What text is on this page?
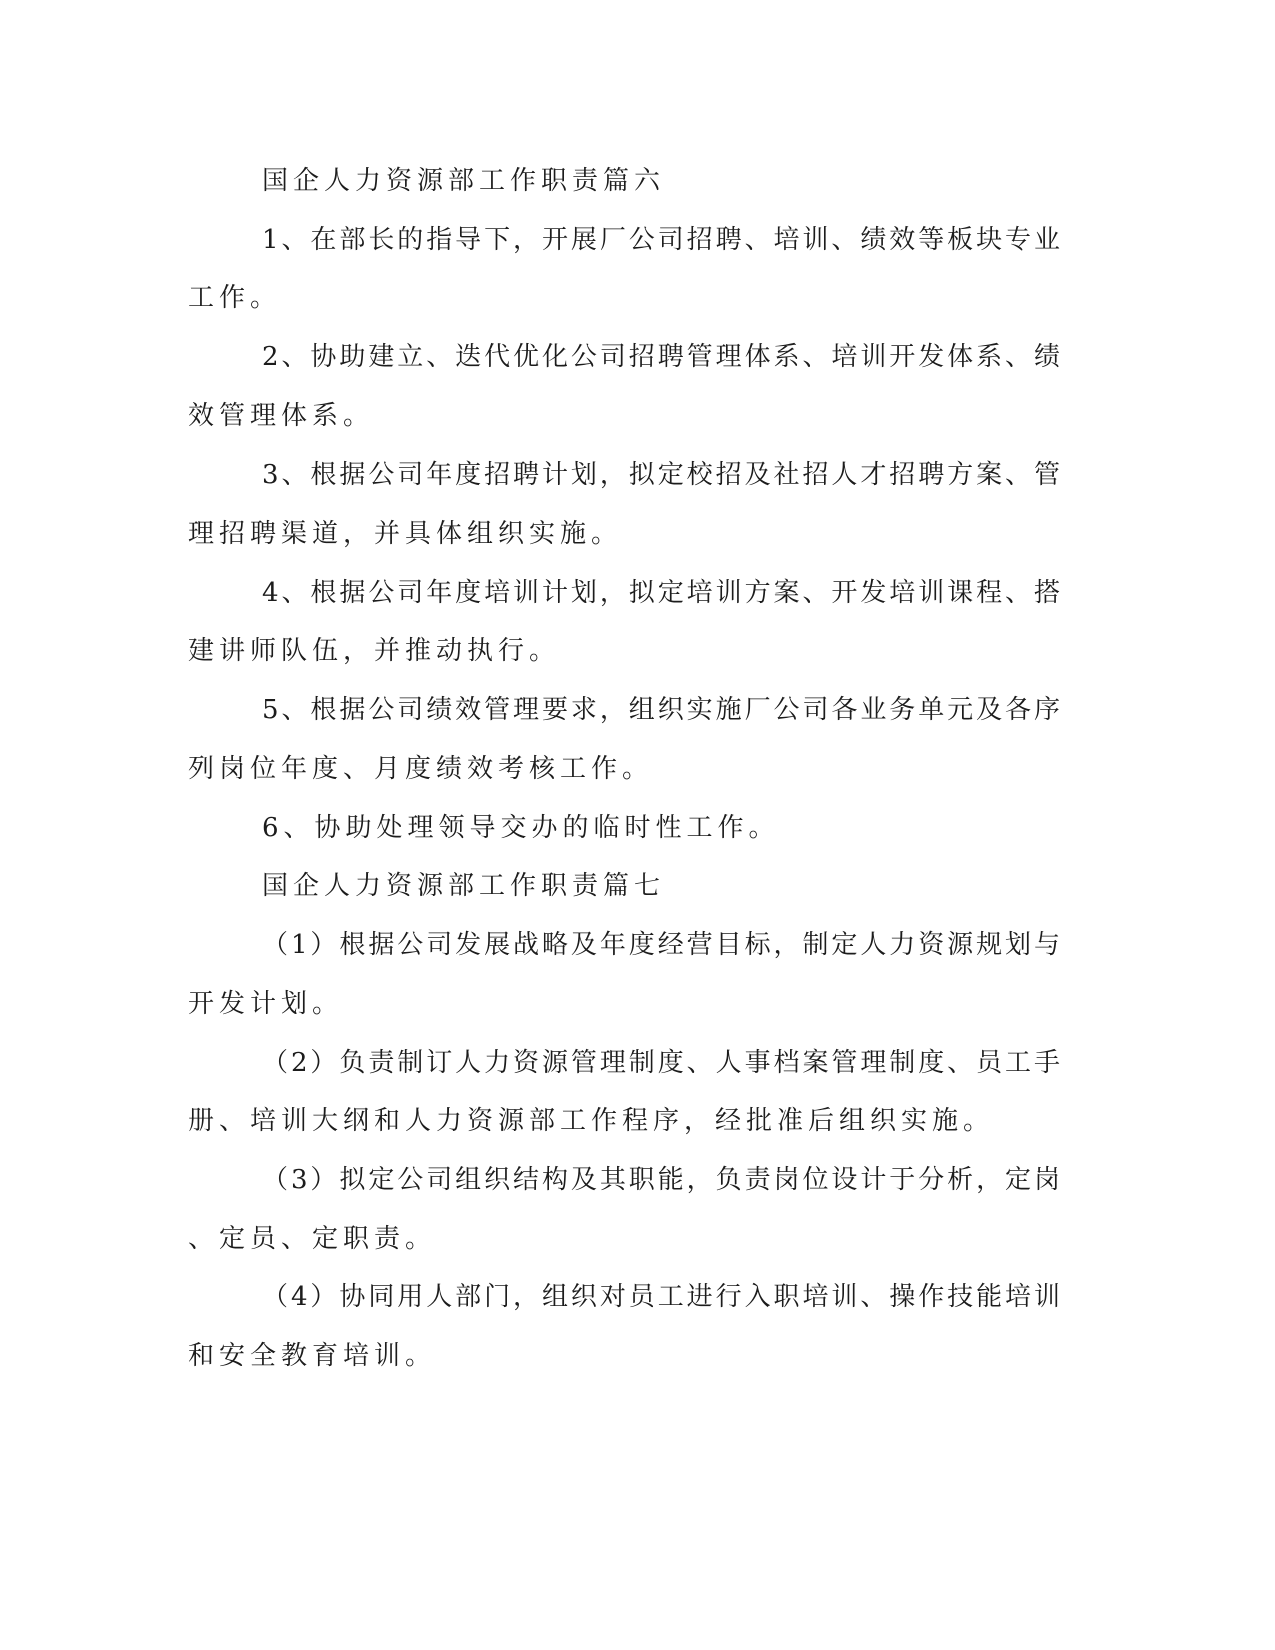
国企人力资源部工作职责篇六
1、在部长的指导下，开展厂公司招聘、培训、绩效等板块专业
工作。
2、协助建立、迭代优化公司招聘管理体系、培训开发体系、绩
效管理体系。
3、根据公司年度招聘计划，拟定校招及社招人才招聘方案、管
理招聘渠道，并具体组织实施。
4、根据公司年度培训计划，拟定培训方案、开发培训课程、搭
建讲师队伍，并推动执行。
5、根据公司绩效管理要求，组织实施厂公司各业务单元及各序
列岗位年度、月度绩效考核工作。
6、协助处理领导交办的临时性工作。
国企人力资源部工作职责篇七
（1）根据公司发展战略及年度经营目标，制定人力资源规划与
开发计划。
（2）负责制订人力资源管理制度、人事档案管理制度、员工手
册、培训大纲和人力资源部工作程序，经批准后组织实施。
（3）拟定公司组织结构及其职能，负责岗位设计于分析，定岗
、定员、定职责。
（4）协同用人部门，组织对员工进行入职培训、操作技能培训
和安全教育培训。
